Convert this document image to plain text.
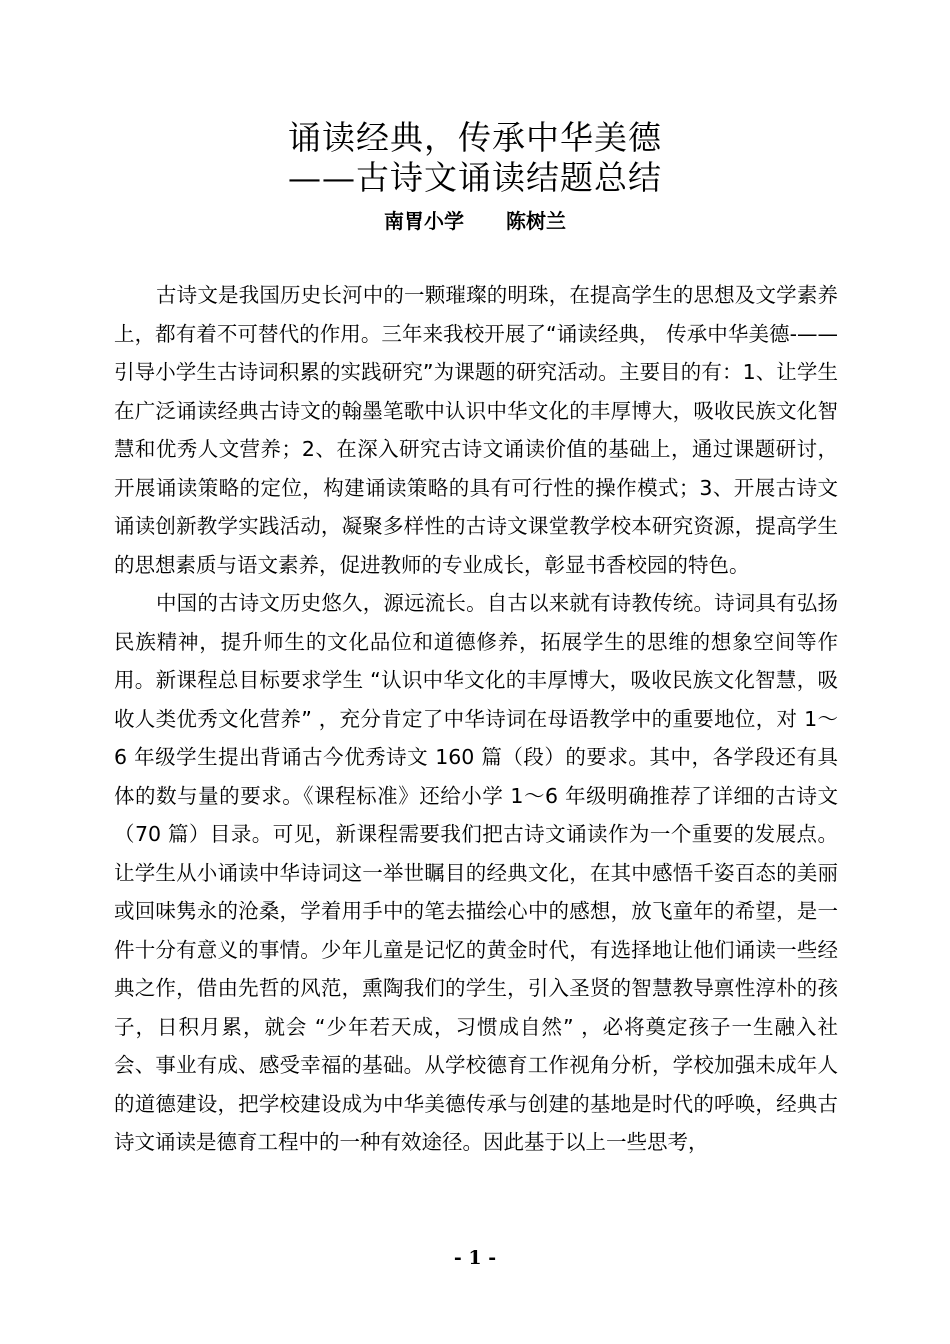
诵读经典，传承中华美德
——古诗文诵读结题总结
南胃小学 陈树兰

古诗文是我国历史长河中的一颗璀璨的明珠，在提高学生的思想及文学素养上，都有着不可替代的作用。三年来我校开展了“诵读经典， 传承中华美德-——引导小学生古诗词积累的实践研究”为课题的研究活动。主要目的有：1、让学生在广泛诵读经典古诗文的翰墨笔歌中认识中华文化的丰厚博大，吸收民族文化智慧和优秀人文营养；2、在深入研究古诗文诵读价值的基础上，通过课题研讨，开展诵读策略的定位，构建诵读策略的具有可行性的操作模式；3、开展古诗文诵读创新教学实践活动，凝聚多样性的古诗文课堂教学校本研究资源，提高学生的思想素质与语文素养，促进教师的专业成长，彰显书香校园的特色。

中国的古诗文历史悠久，源远流长。自古以来就有诗教传统。诗词具有弘扬民族精神，提升师生的文化品位和道德修养，拓展学生的思维的想象空间等作用。新课程总目标要求学生 “认识中华文化的丰厚博大，吸收民族文化智慧，吸收人类优秀文化营养” ，充分肯定了中华诗词在母语教学中的重要地位，对 1～6 年级学生提出背诵古今优秀诗文 160 篇（段）的要求。其中，各学段还有具体的数与量的要求。《课程标准》还给小学 1～6 年级明确推荐了详细的古诗文（70 篇）目录。可见，新课程需要我们把古诗文诵读作为一个重要的发展点。让学生从小诵读中华诗词这一举世瞩目的经典文化，在其中感悟千姿百态的美丽或回味隽永的沧桑，学着用手中的笔去描绘心中的感想，放飞童年的希望，是一件十分有意义的事情。少年儿童是记忆的黄金时代，有选择地让他们诵读一些经典之作，借由先哲的风范，熏陶我们的学生，引入圣贤的智慧教导禀性淳朴的孩子，日积月累，就会 “少年若天成，习惯成自然” ，必将奠定孩子一生融入社会、事业有成、感受幸福的基础。从学校德育工作视角分析，学校加强未成年人的道德建设，把学校建设成为中华美德传承与创建的基地是时代的呼唤，经典古诗文诵读是德育工程中的一种有效途径。因此基于以上一些思考，

- 1 -
